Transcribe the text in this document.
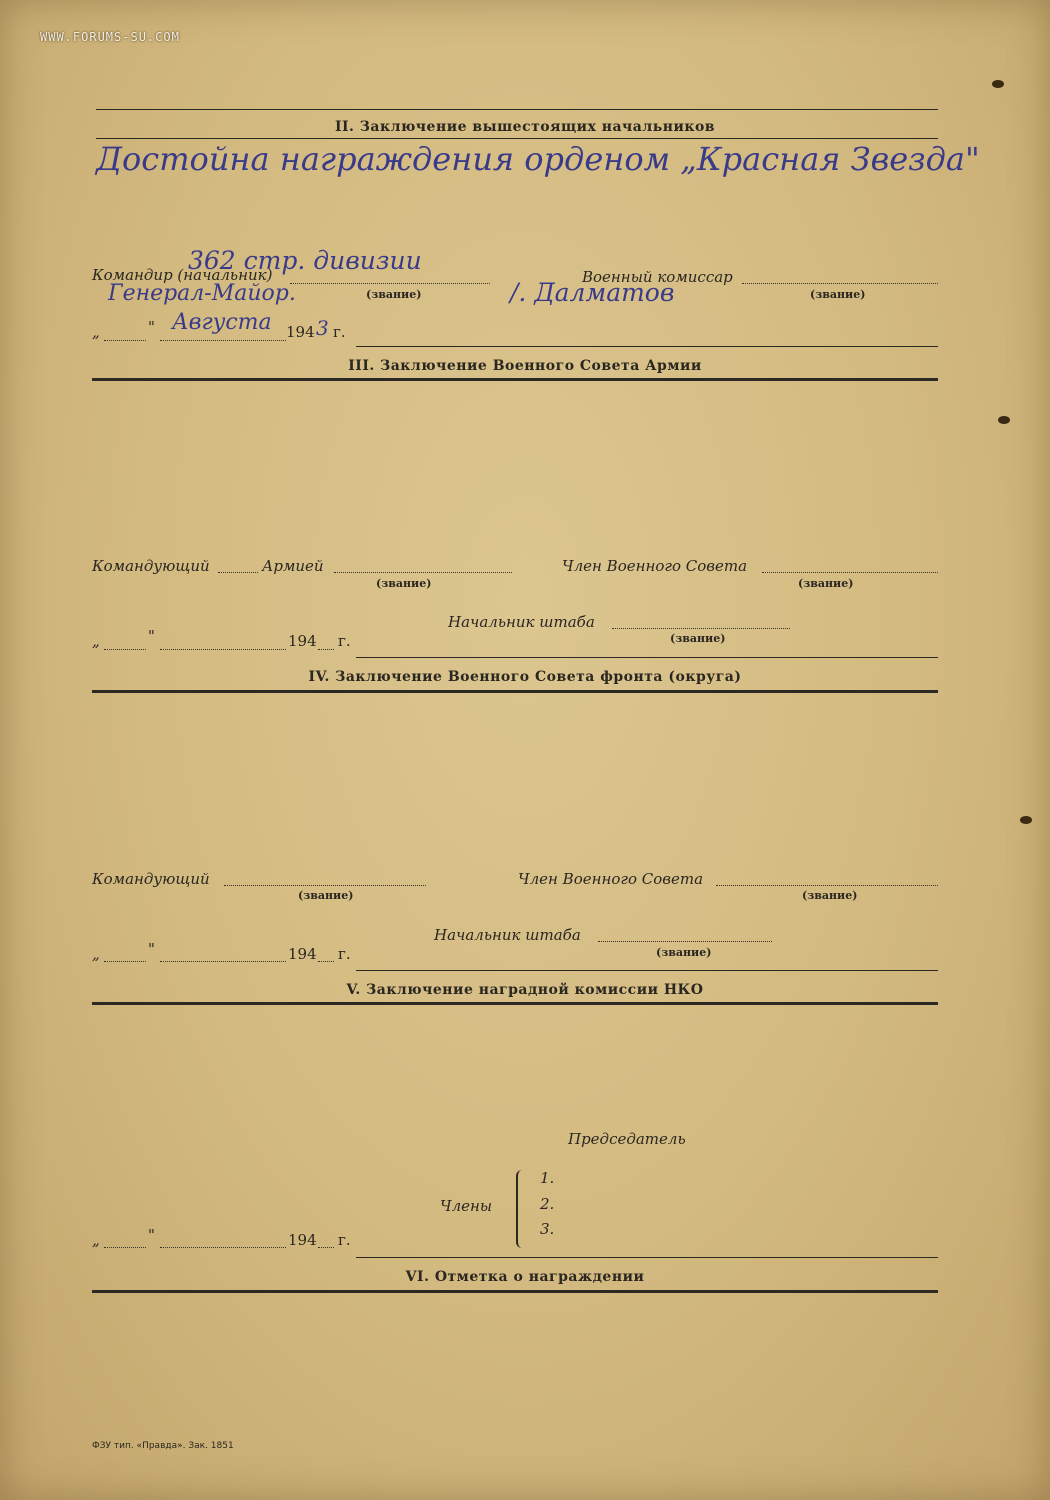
WWW.FORUMS-SU.COM
II. Заключение вышестоящих начальников
Достойна награждения орденом „Красная Звезда"
Командир (начальник)
362 стр. дивизии
Генерал-Майор.	(звание)	/. Далматов
Военный комиссар
(звание)
„	" Августа 194 3 г.
III. Заключение Военного Совета Армии
Командующий	Армией
(звание)
Член Военного Совета
(звание)
Начальник штаба
(звание)
„	"	194 г.
IV. Заключение Военного Совета фронта (округа)
Командующий
(звание)
Член Военного Совета
(звание)
Начальник штаба
(звание)
„	"	194 г.
V. Заключение наградной комиссии НКО
Председатель
Члены
1.
2.
3.
„	"	194 г.
VI. Отметка о награждении
ФЗУ тип. «Правда». Зак. 1851
